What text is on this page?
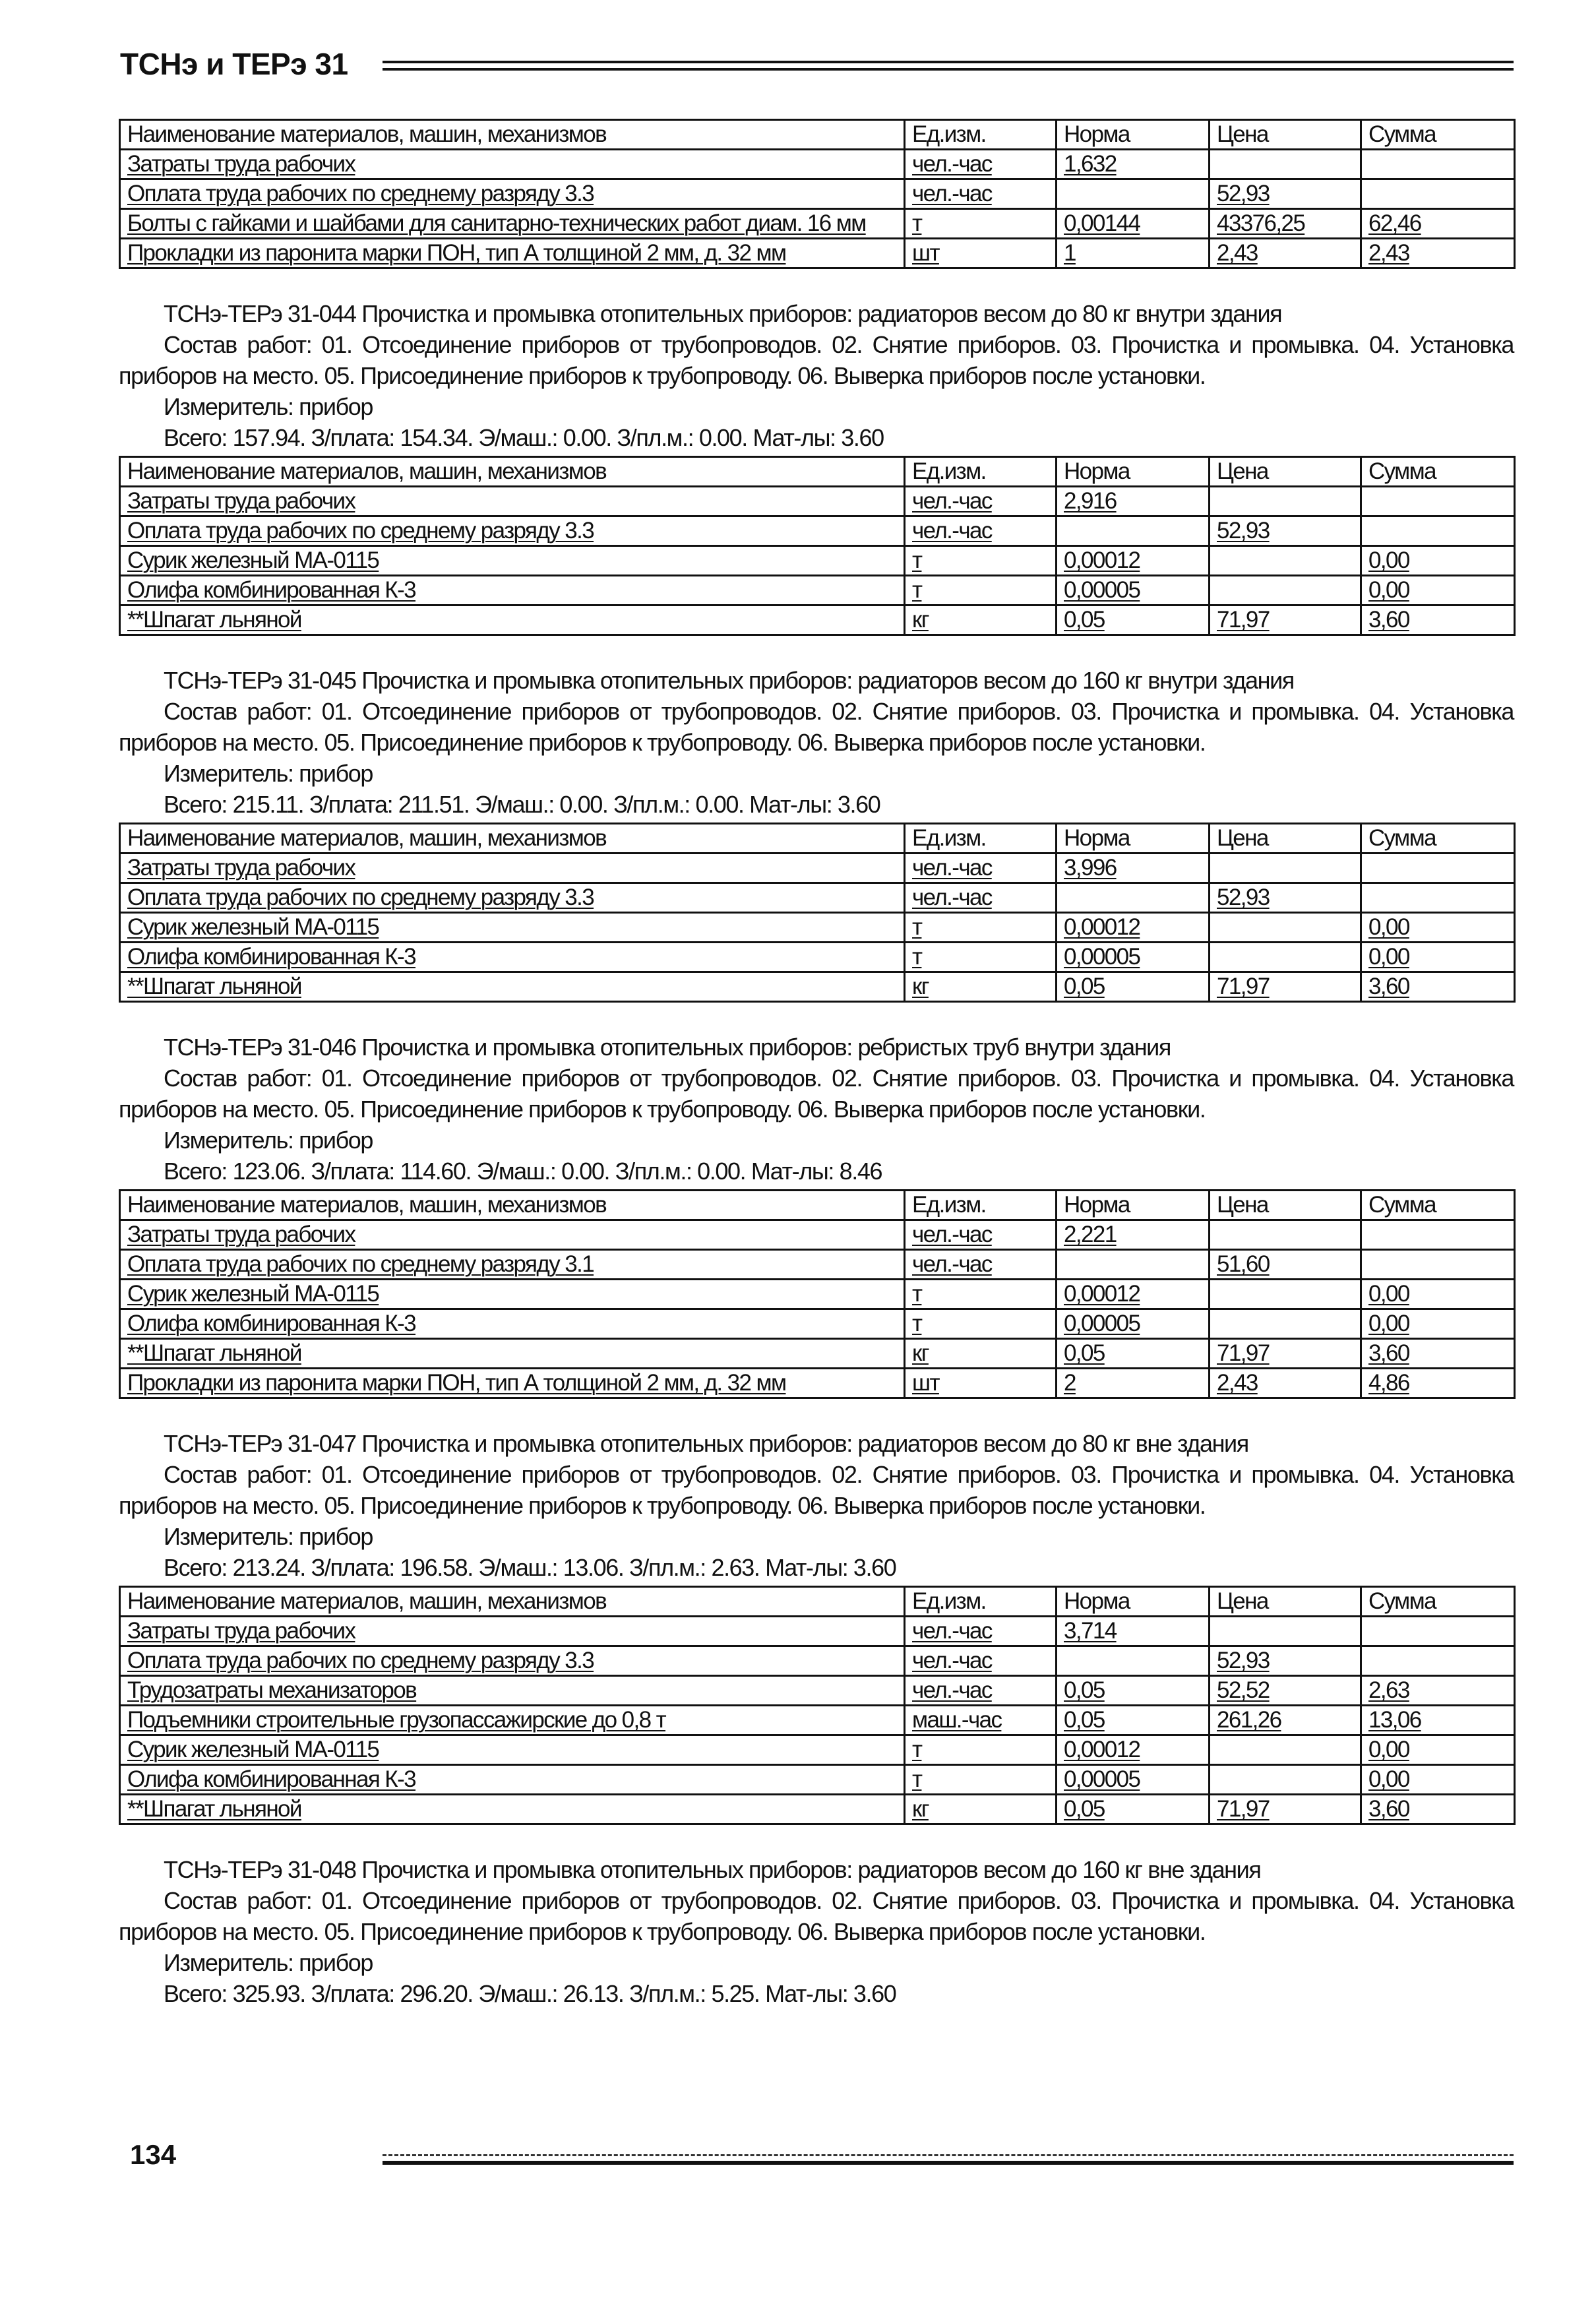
ТСНэ и ТЕРэ 31
Наименование материалов, машин, механизмов	Ед.изм.	Норма	Цена	Сумма
Затраты труда рабочих	чел.-час	1,632		
Оплата труда рабочих по среднему разряду 3.3	чел.-час		52,93	
Болты с гайками и шайбами для санитарно-технических работ диам. 16 мм	т	0,00144	43376,25	62,46
Прокладки из паронита марки ПОН, тип А толщиной 2 мм, д. 32 мм	шт	1	2,43	2,43
ТСНэ-ТЕРэ 31-044 Прочистка и промывка отопительных приборов: радиаторов весом до 80 кг внутри здания
Состав работ: 01. Отсоединение приборов от трубопроводов. 02. Снятие приборов. 03. Прочистка и промывка. 04. Установка приборов на место. 05. Присоединение приборов к трубопроводу. 06. Выверка приборов после установки.
Измеритель: прибор
Всего: 157.94. З/плата: 154.34. Э/маш.: 0.00. З/пл.м.: 0.00. Мат-лы: 3.60
Наименование материалов, машин, механизмов	Ед.изм.	Норма	Цена	Сумма
Затраты труда рабочих	чел.-час	2,916		
Оплата труда рабочих по среднему разряду 3.3	чел.-час		52,93	
Сурик железный МА-0115	т	0,00012		0,00
Олифа комбинированная К-3	т	0,00005		0,00
**Шпагат льняной	кг	0,05	71,97	3,60
ТСНэ-ТЕРэ 31-045 Прочистка и промывка отопительных приборов: радиаторов весом до 160 кг внутри здания
Состав работ: 01. Отсоединение приборов от трубопроводов. 02. Снятие приборов. 03. Прочистка и промывка. 04. Установка приборов на место. 05. Присоединение приборов к трубопроводу. 06. Выверка приборов после установки.
Измеритель: прибор
Всего: 215.11. З/плата: 211.51. Э/маш.: 0.00. З/пл.м.: 0.00. Мат-лы: 3.60
Наименование материалов, машин, механизмов	Ед.изм.	Норма	Цена	Сумма
Затраты труда рабочих	чел.-час	3,996		
Оплата труда рабочих по среднему разряду 3.3	чел.-час		52,93	
Сурик железный МА-0115	т	0,00012		0,00
Олифа комбинированная К-3	т	0,00005		0,00
**Шпагат льняной	кг	0,05	71,97	3,60
ТСНэ-ТЕРэ 31-046 Прочистка и промывка отопительных приборов: ребристых труб внутри здания
Состав работ: 01. Отсоединение приборов от трубопроводов. 02. Снятие приборов. 03. Прочистка и промывка. 04. Установка приборов на место. 05. Присоединение приборов к трубопроводу. 06. Выверка приборов после установки.
Измеритель: прибор
Всего: 123.06. З/плата: 114.60. Э/маш.: 0.00. З/пл.м.: 0.00. Мат-лы: 8.46
Наименование материалов, машин, механизмов	Ед.изм.	Норма	Цена	Сумма
Затраты труда рабочих	чел.-час	2,221		
Оплата труда рабочих по среднему разряду 3.1	чел.-час		51,60	
Сурик железный МА-0115	т	0,00012		0,00
Олифа комбинированная К-3	т	0,00005		0,00
**Шпагат льняной	кг	0,05	71,97	3,60
Прокладки из паронита марки ПОН, тип А толщиной 2 мм, д. 32 мм	шт	2	2,43	4,86
ТСНэ-ТЕРэ 31-047 Прочистка и промывка отопительных приборов: радиаторов весом до 80 кг вне здания
Состав работ: 01. Отсоединение приборов от трубопроводов. 02. Снятие приборов. 03. Прочистка и промывка. 04. Установка приборов на место. 05. Присоединение приборов к трубопроводу. 06. Выверка приборов после установки.
Измеритель: прибор
Всего: 213.24. З/плата: 196.58. Э/маш.: 13.06. З/пл.м.: 2.63. Мат-лы: 3.60
Наименование материалов, машин, механизмов	Ед.изм.	Норма	Цена	Сумма
Затраты труда рабочих	чел.-час	3,714		
Оплата труда рабочих по среднему разряду 3.3	чел.-час		52,93	
Трудозатраты механизаторов	чел.-час	0,05	52,52	2,63
Подъемники строительные грузопассажирские до 0,8 т	маш.-час	0,05	261,26	13,06
Сурик железный МА-0115	т	0,00012		0,00
Олифа комбинированная К-3	т	0,00005		0,00
**Шпагат льняной	кг	0,05	71,97	3,60
ТСНэ-ТЕРэ 31-048 Прочистка и промывка отопительных приборов: радиаторов весом до 160 кг вне здания
Состав работ: 01. Отсоединение приборов от трубопроводов. 02. Снятие приборов. 03. Прочистка и промывка. 04. Установка приборов на место. 05. Присоединение приборов к трубопроводу. 06. Выверка приборов после установки.
Измеритель: прибор
Всего: 325.93. З/плата: 296.20. Э/маш.: 26.13. З/пл.м.: 5.25. Мат-лы: 3.60
134
